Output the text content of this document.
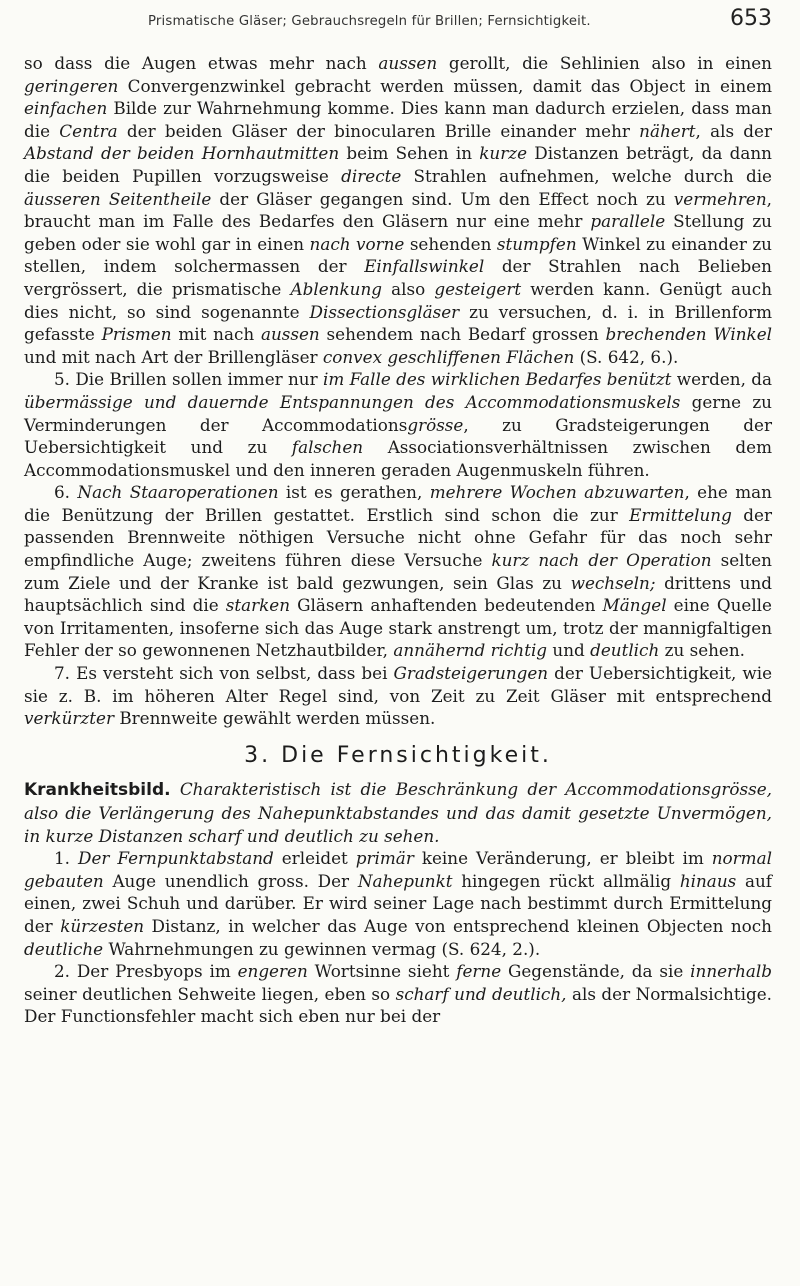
Prismatische Gläser; Gebrauchsregeln für Brillen; Fernsichtigkeit.	653

so dass die Augen etwas mehr nach aussen gerollt, die Sehlinien also in einen geringeren Convergenzwinkel gebracht werden müssen, damit das Object in einem einfachen Bilde zur Wahrnehmung komme. Dies kann man dadurch erzielen, dass man die Centra der beiden Gläser der binocularen Brille einander mehr nähert, als der Abstand der beiden Hornhautmitten beim Sehen in kurze Distanzen beträgt, da dann die beiden Pupillen vorzugsweise directe Strahlen aufnehmen, welche durch die äusseren Seitentheile der Gläser gegangen sind. Um den Effect noch zu vermehren, braucht man im Falle des Bedarfes den Gläsern nur eine mehr parallele Stellung zu geben oder sie wohl gar in einen nach vorne sehenden stumpfen Winkel zu einander zu stellen, indem solchermassen der Einfallswinkel der Strahlen nach Belieben vergrössert, die prismatische Ablenkung also gesteigert werden kann. Genügt auch dies nicht, so sind sogenannte Dissectionsgläser zu versuchen, d. i. in Brillenform gefasste Prismen mit nach aussen sehendem nach Bedarf grossen brechenden Winkel und mit nach Art der Brillengläser convex geschliffenen Flächen (S. 642, 6.).

5. Die Brillen sollen immer nur im Falle des wirklichen Bedarfes benützt werden, da übermässige und dauernde Entspannungen des Accommodationsmuskels gerne zu Verminderungen der Accommodationsgrösse, zu Gradsteigerungen der Uebersichtigkeit und zu falschen Associationsverhältnissen zwischen dem Accommodationsmuskel und den inneren geraden Augenmuskeln führen.

6. Nach Staaroperationen ist es gerathen, mehrere Wochen abzuwarten, ehe man die Benützung der Brillen gestattet. Erstlich sind schon die zur Ermittelung der passenden Brennweite nöthigen Versuche nicht ohne Gefahr für das noch sehr empfindliche Auge; zweitens führen diese Versuche kurz nach der Operation selten zum Ziele und der Kranke ist bald gezwungen, sein Glas zu wechseln; drittens und hauptsächlich sind die starken Gläsern anhaftenden bedeutenden Mängel eine Quelle von Irritamenten, insoferne sich das Auge stark anstrengt um, trotz der mannigfaltigen Fehler der so gewonnenen Netzhautbilder, annähernd richtig und deutlich zu sehen.

7. Es versteht sich von selbst, dass bei Gradsteigerungen der Uebersichtigkeit, wie sie z. B. im höheren Alter Regel sind, von Zeit zu Zeit Gläser mit entsprechend verkürzter Brennweite gewählt werden müssen.

3. Die Fernsichtigkeit.

Krankheitsbild. Charakteristisch ist die Beschränkung der Accommodationsgrösse, also die Verlängerung des Nahepunktabstandes und das damit gesetzte Unvermögen, in kurze Distanzen scharf und deutlich zu sehen.

1. Der Fernpunktabstand erleidet primär keine Veränderung, er bleibt im normal gebauten Auge unendlich gross. Der Nahepunkt hingegen rückt allmälig hinaus auf einen, zwei Schuh und darüber. Er wird seiner Lage nach bestimmt durch Ermittelung der kürzesten Distanz, in welcher das Auge von entsprechend kleinen Objecten noch deutliche Wahrnehmungen zu gewinnen vermag (S. 624, 2.).

2. Der Presbyops im engeren Wortsinne sieht ferne Gegenstände, da sie innerhalb seiner deutlichen Sehweite liegen, eben so scharf und deutlich, als der Normalsichtige. Der Functionsfehler macht sich eben nur bei der
